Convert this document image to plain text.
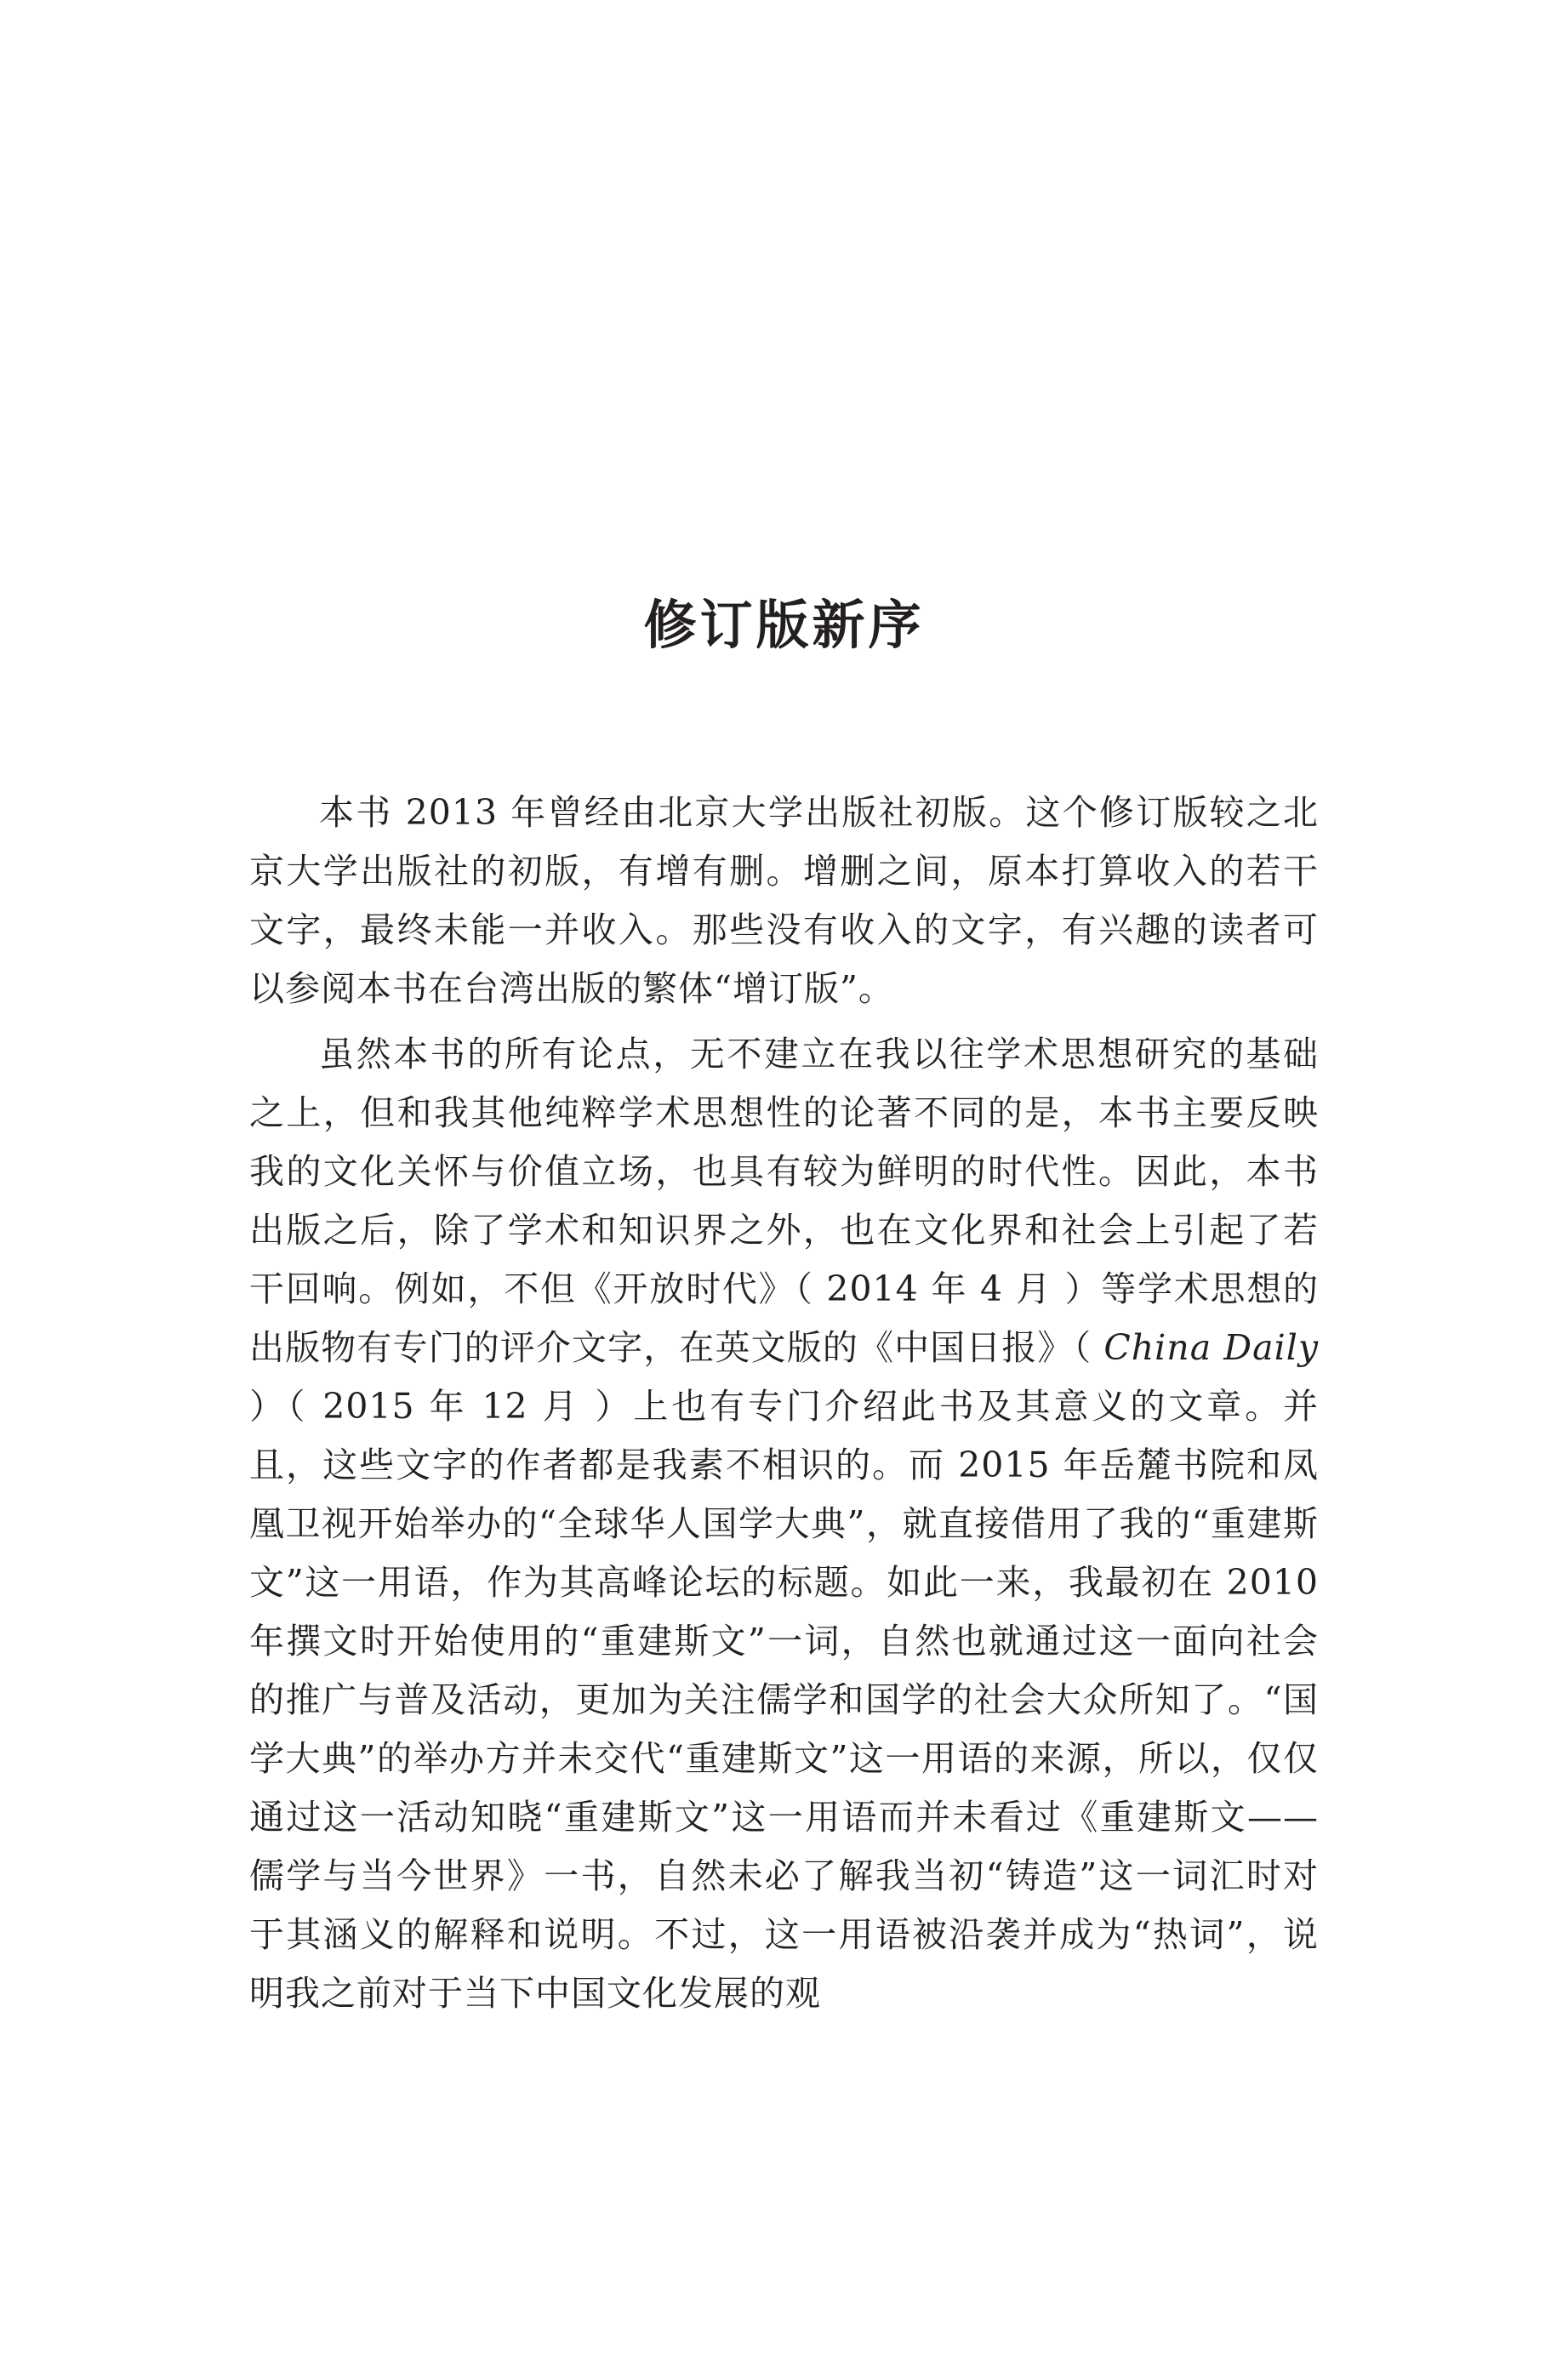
修订版新序

本书 2013 年曾经由北京大学出版社初版。这个修订版较之北京大学出版社的初版，有增有删。增删之间，原本打算收入的若干文字，最终未能一并收入。那些没有收入的文字，有兴趣的读者可以参阅本书在台湾出版的繁体“增订版”。

虽然本书的所有论点，无不建立在我以往学术思想研究的基础之上，但和我其他纯粹学术思想性的论著不同的是，本书主要反映我的文化关怀与价值立场，也具有较为鲜明的时代性。因此，本书出版之后，除了学术和知识界之外，也在文化界和社会上引起了若干回响。例如，不但《开放时代》（ 2014 年 4 月 ）等学术思想的出版物有专门的评介文字，在英文版的《中国日报》（ China Daily ）（ 2015 年 12 月 ）上也有专门介绍此书及其意义的文章。并且，这些文字的作者都是我素不相识的。而 2015 年岳麓书院和凤凰卫视开始举办的“全球华人国学大典”，就直接借用了我的“重建斯文”这一用语，作为其高峰论坛的标题。如此一来，我最初在 2010 年撰文时开始使用的“重建斯文”一词，自然也就通过这一面向社会的推广与普及活动，更加为关注儒学和国学的社会大众所知了。“国学大典”的举办方并未交代“重建斯文”这一用语的来源，所以，仅仅通过这一活动知晓“重建斯文”这一用语而并未看过《重建斯文——儒学与当今世界》一书，自然未必了解我当初“铸造”这一词汇时对于其涵义的解释和说明。不过，这一用语被沿袭并成为“热词”，说明我之前对于当下中国文化发展的观
